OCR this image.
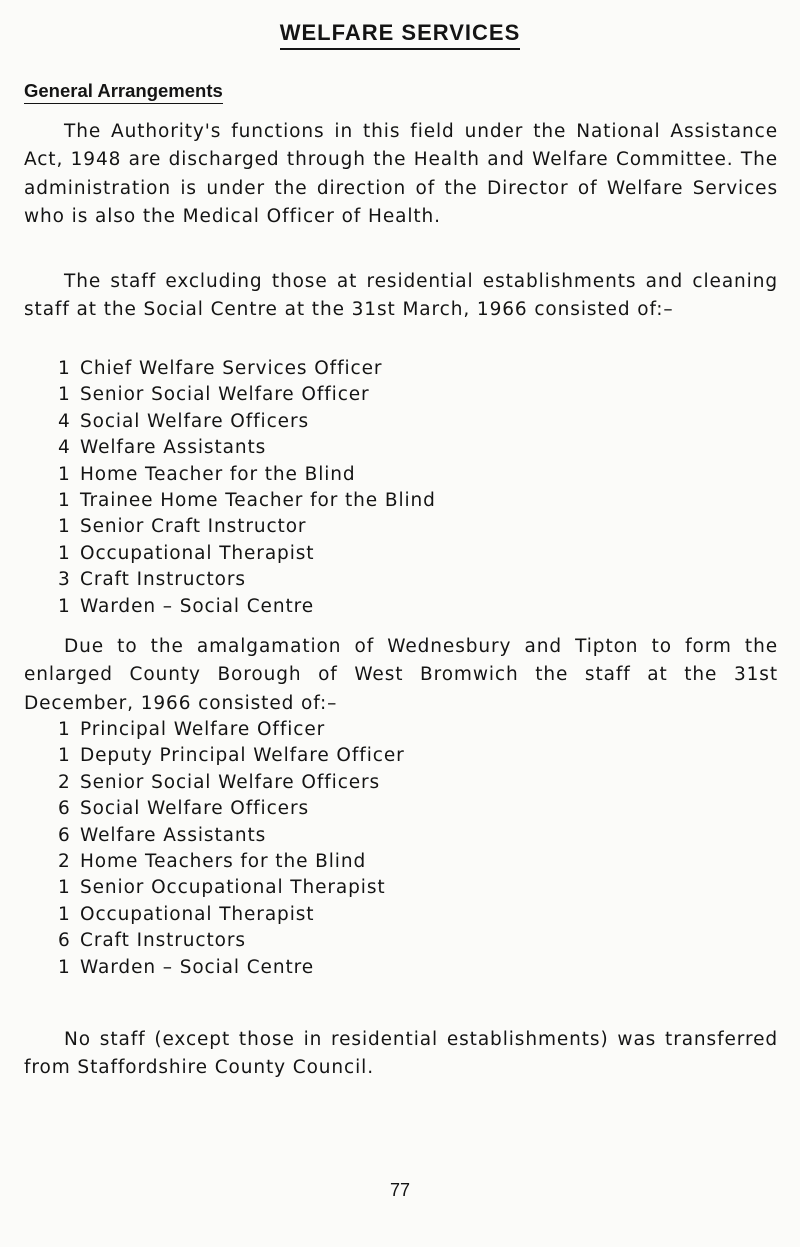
WELFARE SERVICES
General Arrangements

The Authority's functions in this field under the National Assistance Act, 1948 are discharged through the Health and Welfare Committee. The administration is under the direction of the Director of Welfare Services who is also the Medical Officer of Health.

The staff excluding those at residential establishments and cleaning staff at the Social Centre at the 31st March, 1966 consisted of:–

1 Chief Welfare Services Officer
1 Senior Social Welfare Officer
4 Social Welfare Officers
4 Welfare Assistants
1 Home Teacher for the Blind
1 Trainee Home Teacher for the Blind
1 Senior Craft Instructor
1 Occupational Therapist
3 Craft Instructors
1 Warden – Social Centre

Due to the amalgamation of Wednesbury and Tipton to form the enlarged County Borough of West Bromwich the staff at the 31st December, 1966 consisted of:–

1 Principal Welfare Officer
1 Deputy Principal Welfare Officer
2 Senior Social Welfare Officers
6 Social Welfare Officers
6 Welfare Assistants
2 Home Teachers for the Blind
1 Senior Occupational Therapist
1 Occupational Therapist
6 Craft Instructors
1 Warden – Social Centre

No staff (except those in residential establishments) was transferred from Staffordshire County Council.

77
